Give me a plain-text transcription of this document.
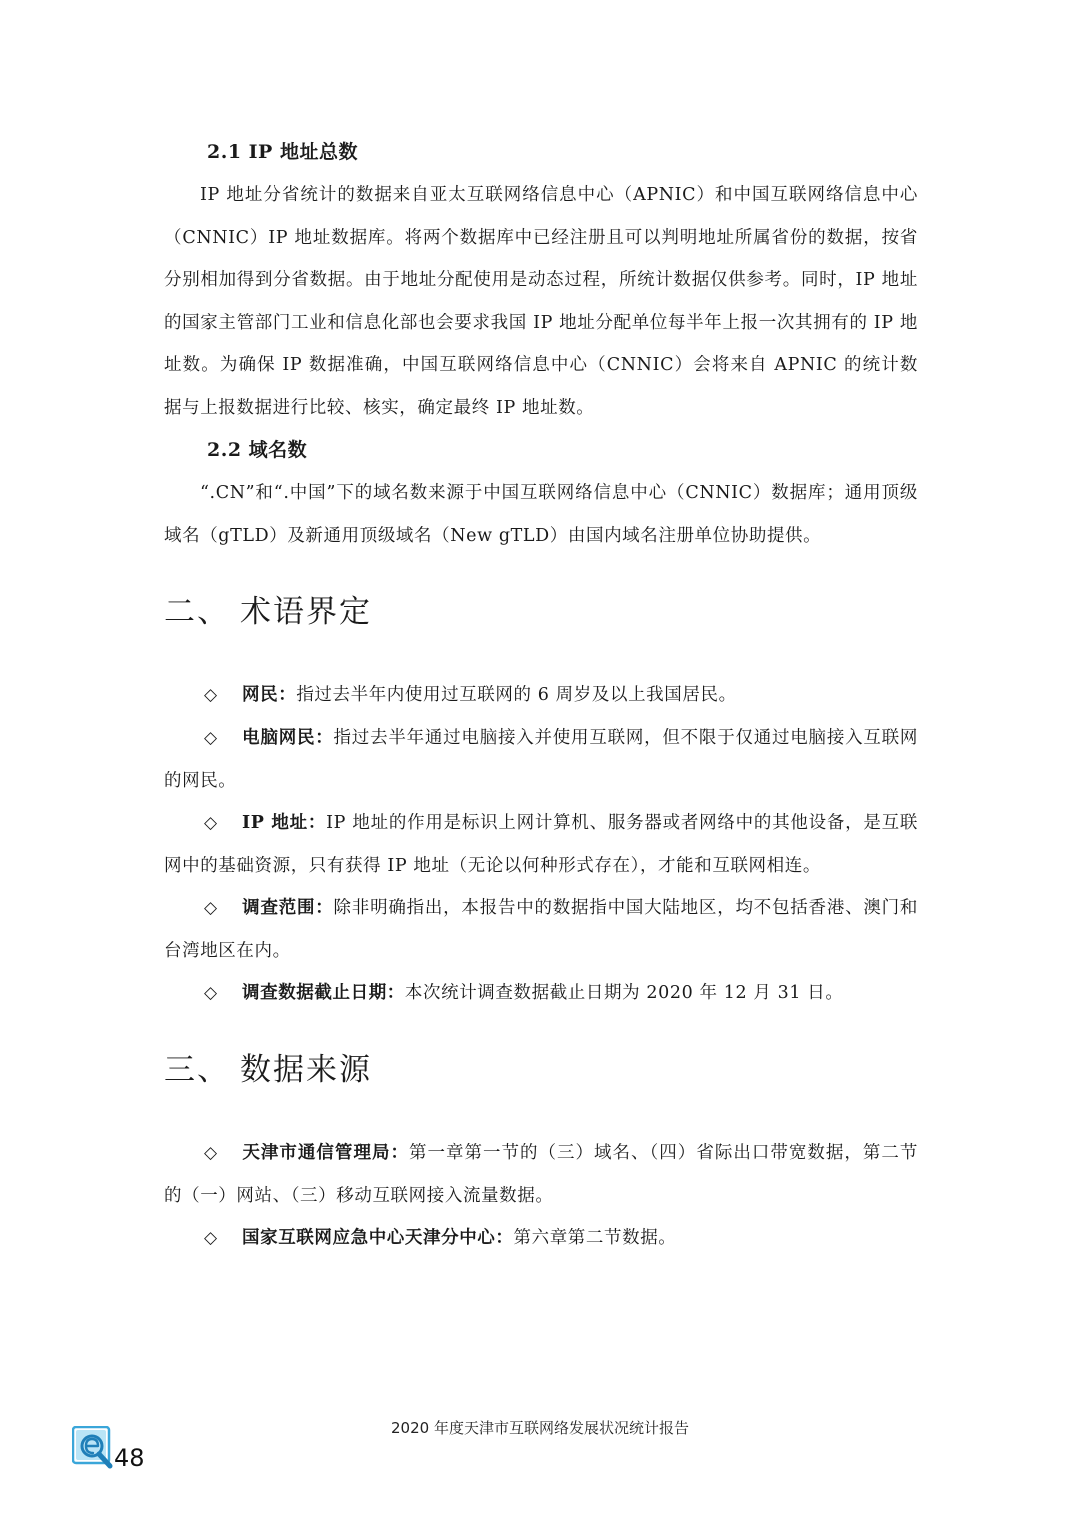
2.1 IP 地址总数

IP 地址分省统计的数据来自亚太互联网络信息中心（APNIC）和中国互联网络信息中心（CNNIC）IP 地址数据库。将两个数据库中已经注册且可以判明地址所属省份的数据，按省分别相加得到分省数据。由于地址分配使用是动态过程，所统计数据仅供参考。同时，IP 地址的国家主管部门工业和信息化部也会要求我国 IP 地址分配单位每半年上报一次其拥有的 IP 地址数。为确保 IP 数据准确，中国互联网络信息中心（CNNIC）会将来自 APNIC 的统计数据与上报数据进行比较、核实，确定最终 IP 地址数。

2.2 域名数

“.CN”和“.中国”下的域名数来源于中国互联网络信息中心（CNNIC）数据库；通用顶级域名（gTLD）及新通用顶级域名（New gTLD）由国内域名注册单位协助提供。

二、 术语界定

◇ 网民：指过去半年内使用过互联网的 6 周岁及以上我国居民。

◇ 电脑网民：指过去半年通过电脑接入并使用互联网，但不限于仅通过电脑接入互联网的网民。

◇ IP 地址：IP 地址的作用是标识上网计算机、服务器或者网络中的其他设备，是互联网中的基础资源，只有获得 IP 地址（无论以何种形式存在），才能和互联网相连。

◇ 调查范围：除非明确指出，本报告中的数据指中国大陆地区，均不包括香港、澳门和台湾地区在内。

◇ 调查数据截止日期：本次统计调查数据截止日期为 2020 年 12 月 31 日。

三、 数据来源

◇ 天津市通信管理局：第一章第一节的（三）域名、（四）省际出口带宽数据，第二节的（一）网站、（三）移动互联网接入流量数据。

◇ 国家互联网应急中心天津分中心：第六章第二节数据。

2020 年度天津市互联网络发展状况统计报告
48
